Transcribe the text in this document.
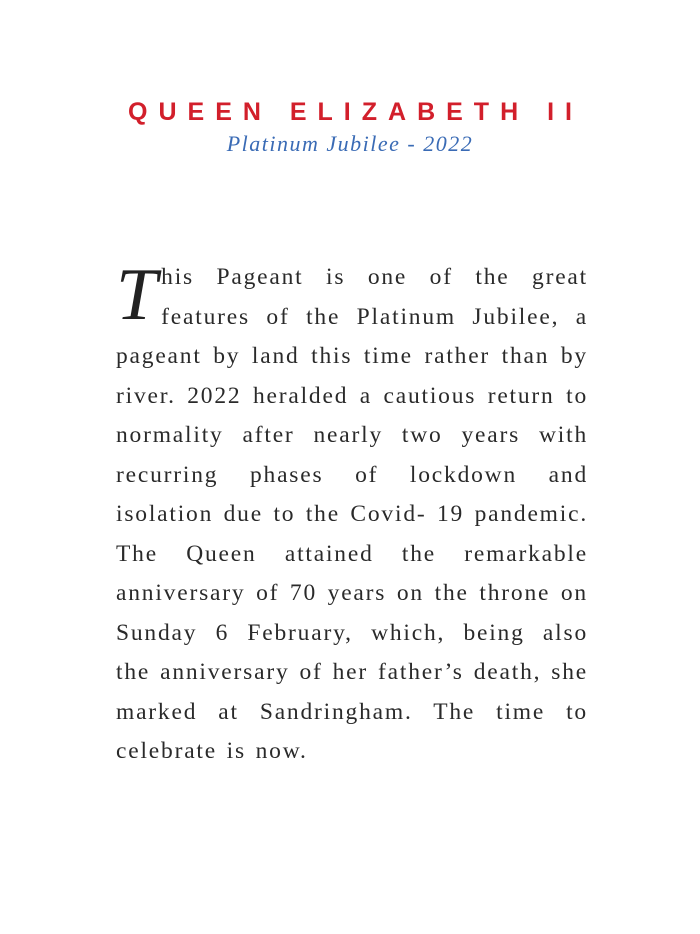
QUEEN ELIZABETH II

Platinum Jubilee - 2022

This Pageant is one of the great features of the Platinum Jubilee, a pageant by land this time rather than by river. 2022 heralded a cautious return to normality after nearly two years with recurring phases of lockdown and isolation due to the Covid- 19 pandemic. The Queen attained the remarkable anniversary of 70 years on the throne on Sunday 6 February, which, being also the anniversary of her father’s death, she marked at Sandringham. The time to celebrate is now.
